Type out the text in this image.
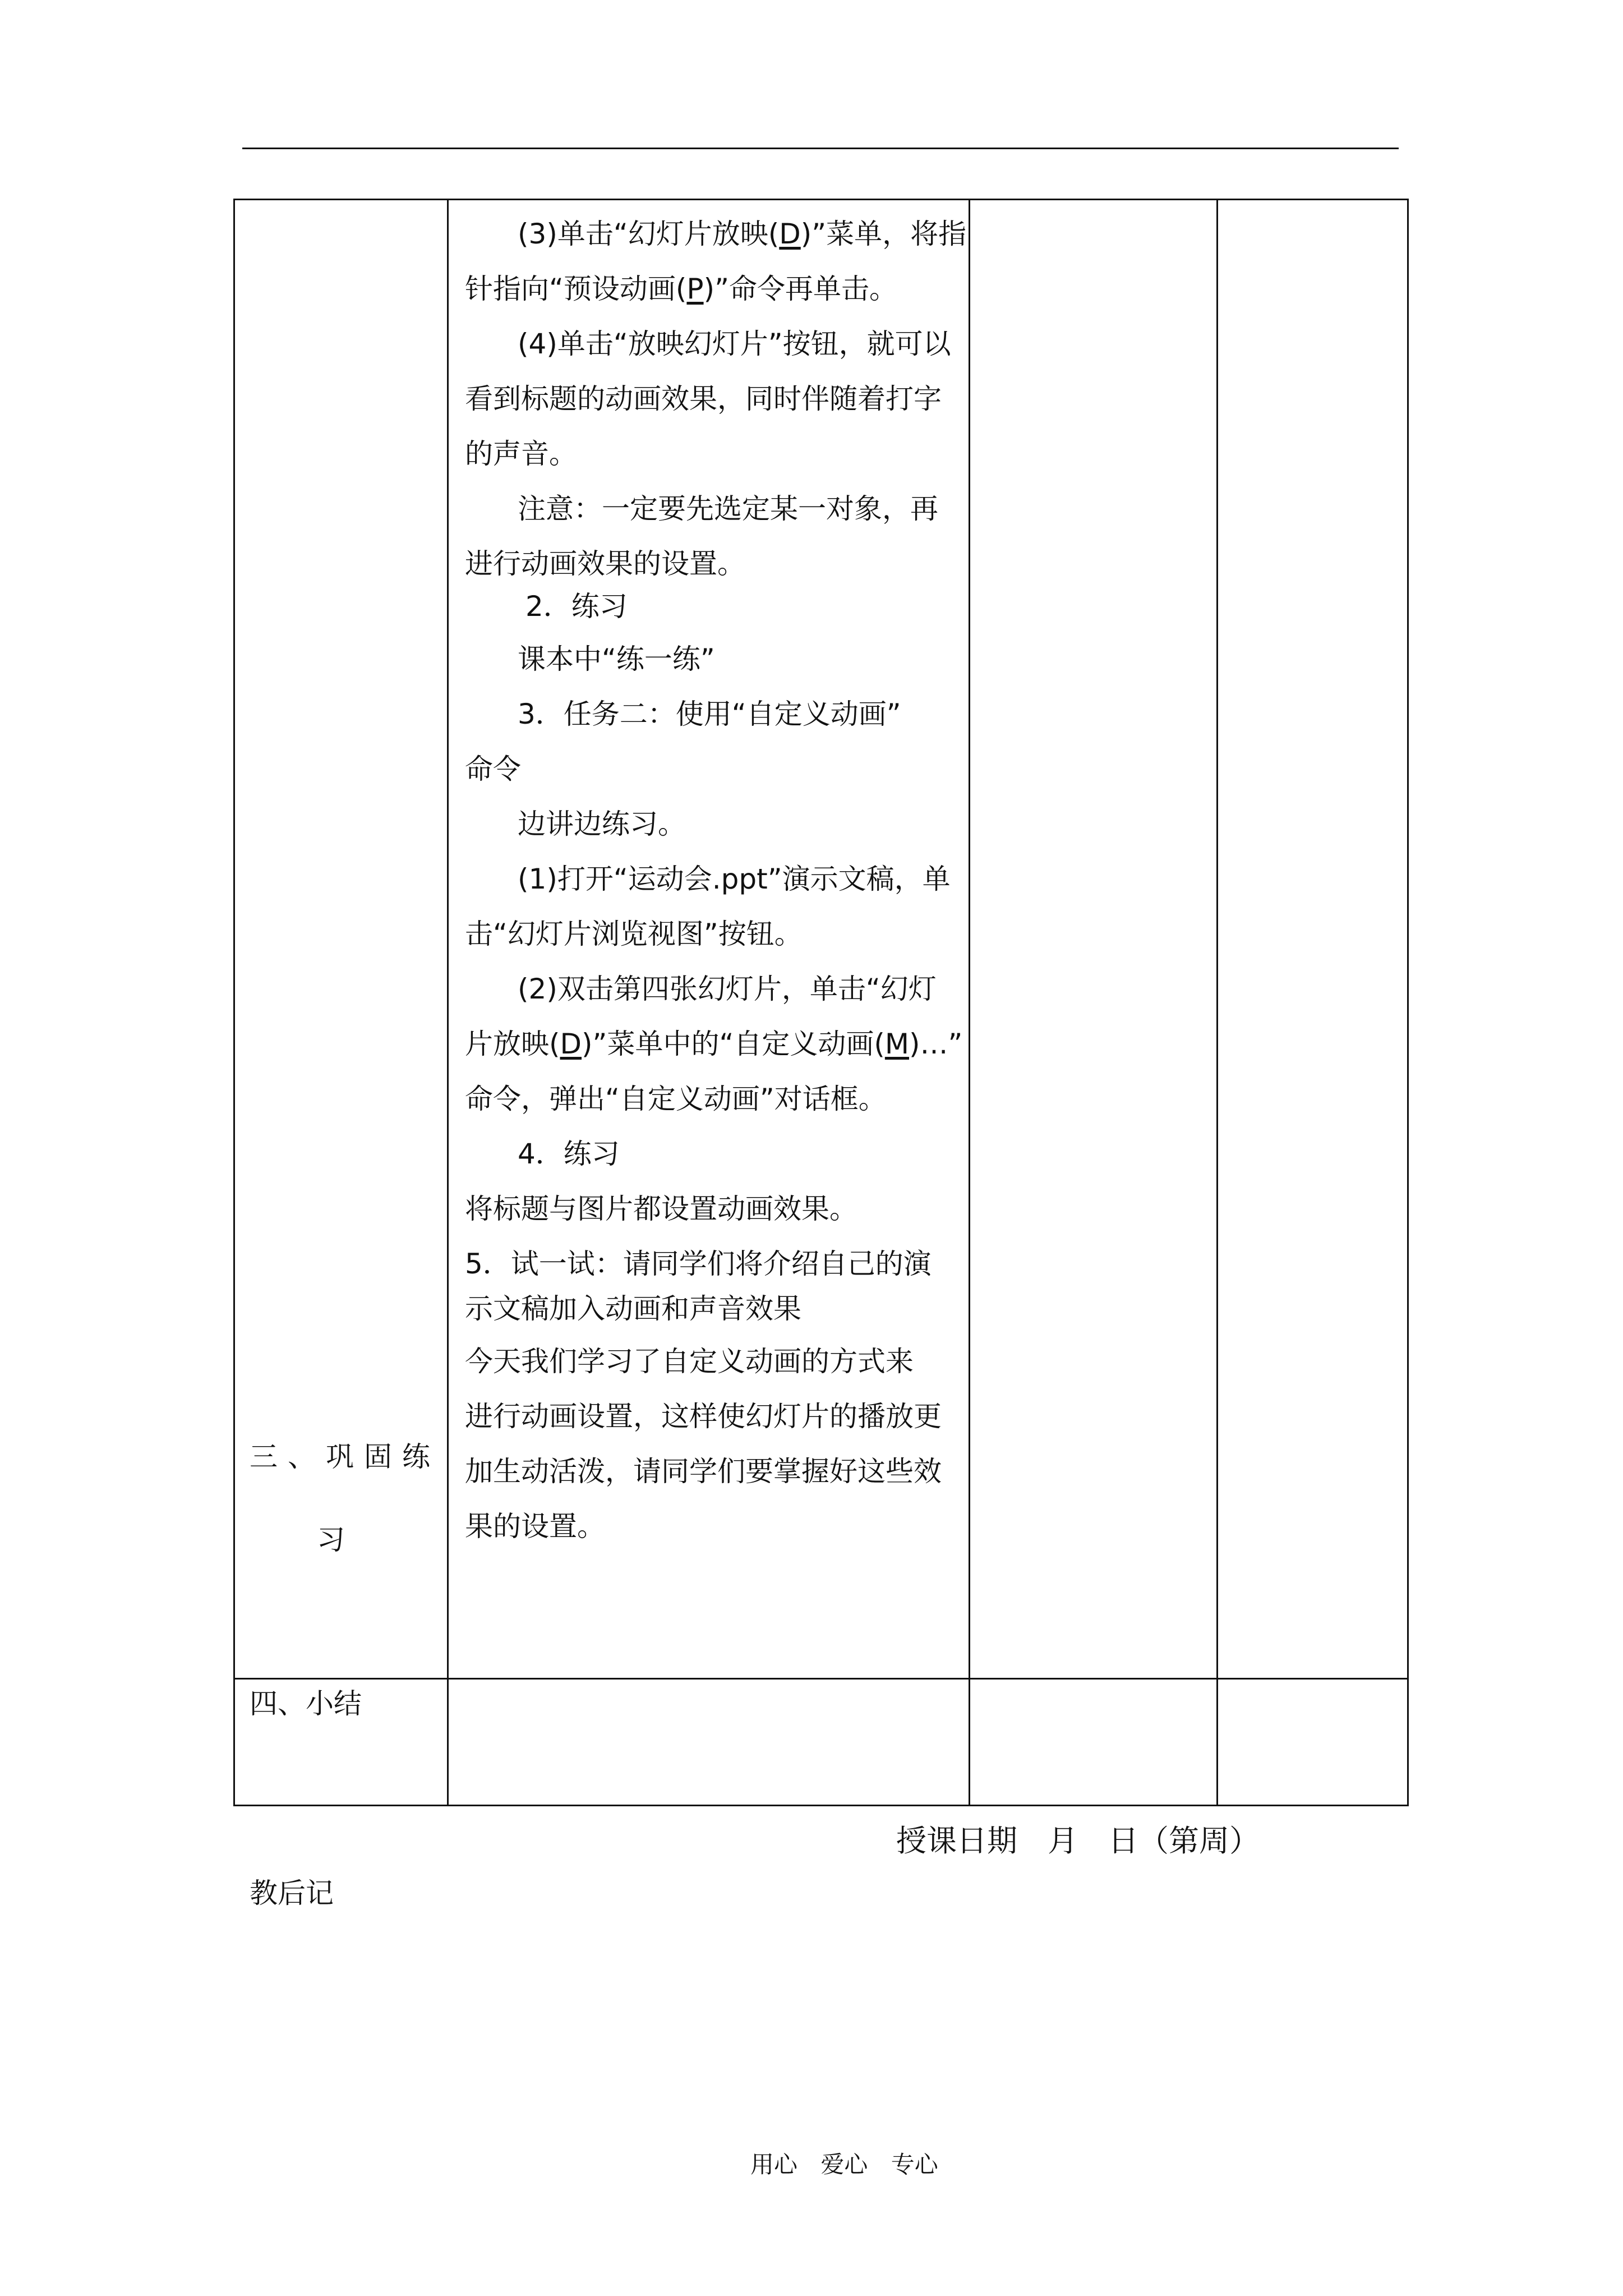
三、巩固练
习
四、小结
教后记
(3)单击“幻灯片放映(D)”菜单，将指
针指向“预设动画(P)”命令再单击。
(4)单击“放映幻灯片”按钮，就可以
看到标题的动画效果，同时伴随着打字
的声音。
注意：一定要先选定某一对象，再
进行动画效果的设置。
2．练习
课本中“练一练”
3．任务二：使用“自定义动画”
命令
边讲边练习。
(1)打开“运动会.ppt”演示文稿，单
击“幻灯片浏览视图”按钮。
(2)双击第四张幻灯片，单击“幻灯
片放映(D)”菜单中的“自定义动画(M)…”
命令，弹出“自定义动画”对话框。
4．练习
将标题与图片都设置动画效果。
5．试一试：请同学们将介绍自己的演
示文稿加入动画和声音效果
今天我们学习了自定义动画的方式来
进行动画设置，这样使幻灯片的播放更
加生动活泼，请同学们要掌握好这些效
果的设置。
授课日期　月　日（第周）
用心 爱心 专心
